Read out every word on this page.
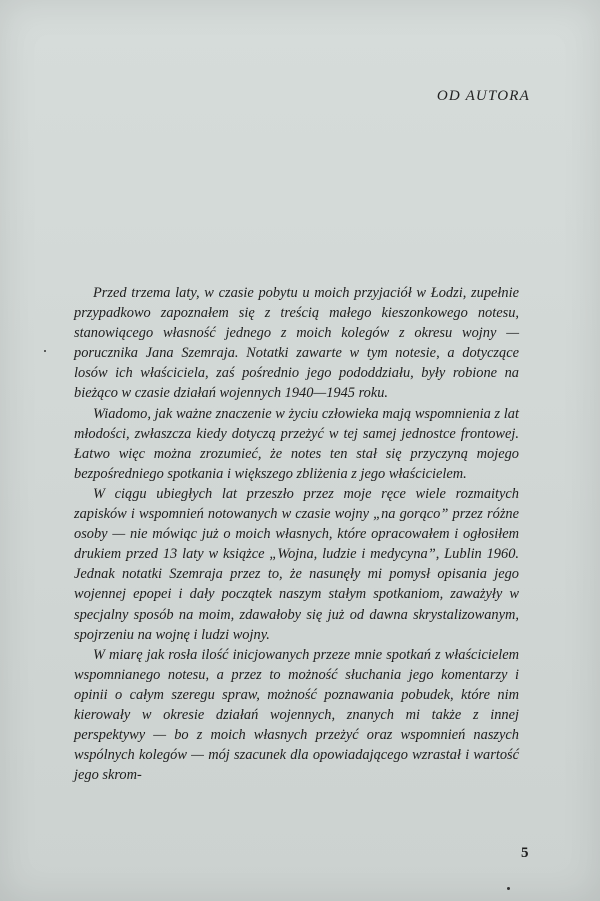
OD AUTORA

Przed trzema laty, w czasie pobytu u moich przyjaciół w Łodzi, zupełnie przypadkowo zapoznałem się z treścią małego kieszonkowego notesu, stanowiącego własność jednego z moich kolegów z okresu wojny — porucznika Jana Szemraja. Notatki zawarte w tym notesie, a dotyczące losów ich właściciela, zaś pośrednio jego pododdziału, były robione na bieżąco w czasie działań wojennych 1940—1945 roku.

Wiadomo, jak ważne znaczenie w życiu człowieka mają wspomnienia z lat młodości, zwłaszcza kiedy dotyczą przeżyć w tej samej jednostce frontowej. Łatwo więc można zrozumieć, że notes ten stał się przyczyną mojego bezpośredniego spotkania i większego zbliżenia z jego właścicielem.

W ciągu ubiegłych lat przeszło przez moje ręce wiele rozmaitych zapisków i wspomnień notowanych w czasie wojny „na gorąco” przez różne osoby — nie mówiąc już o moich własnych, które opracowałem i ogłosiłem drukiem przed 13 laty w książce „Wojna, ludzie i medycyna”, Lublin 1960. Jednak notatki Szemraja przez to, że nasunęły mi pomysł opisania jego wojennej epopei i dały początek naszym stałym spotkaniom, zaważyły w specjalny sposób na moim, zdawałoby się już od dawna skrystalizowanym, spojrzeniu na wojnę i ludzi wojny.

W miarę jak rosła ilość inicjowanych przeze mnie spotkań z właścicielem wspomnianego notesu, a przez to możność słuchania jego komentarzy i opinii o całym szeregu spraw, możność poznawania pobudek, które nim kierowały w okresie działań wojennych, znanych mi także z innej perspektywy — bo z moich własnych przeżyć oraz wspomnień naszych wspólnych kolegów — mój szacunek dla opowiadającego wzrastał i wartość jego skrom-

5
